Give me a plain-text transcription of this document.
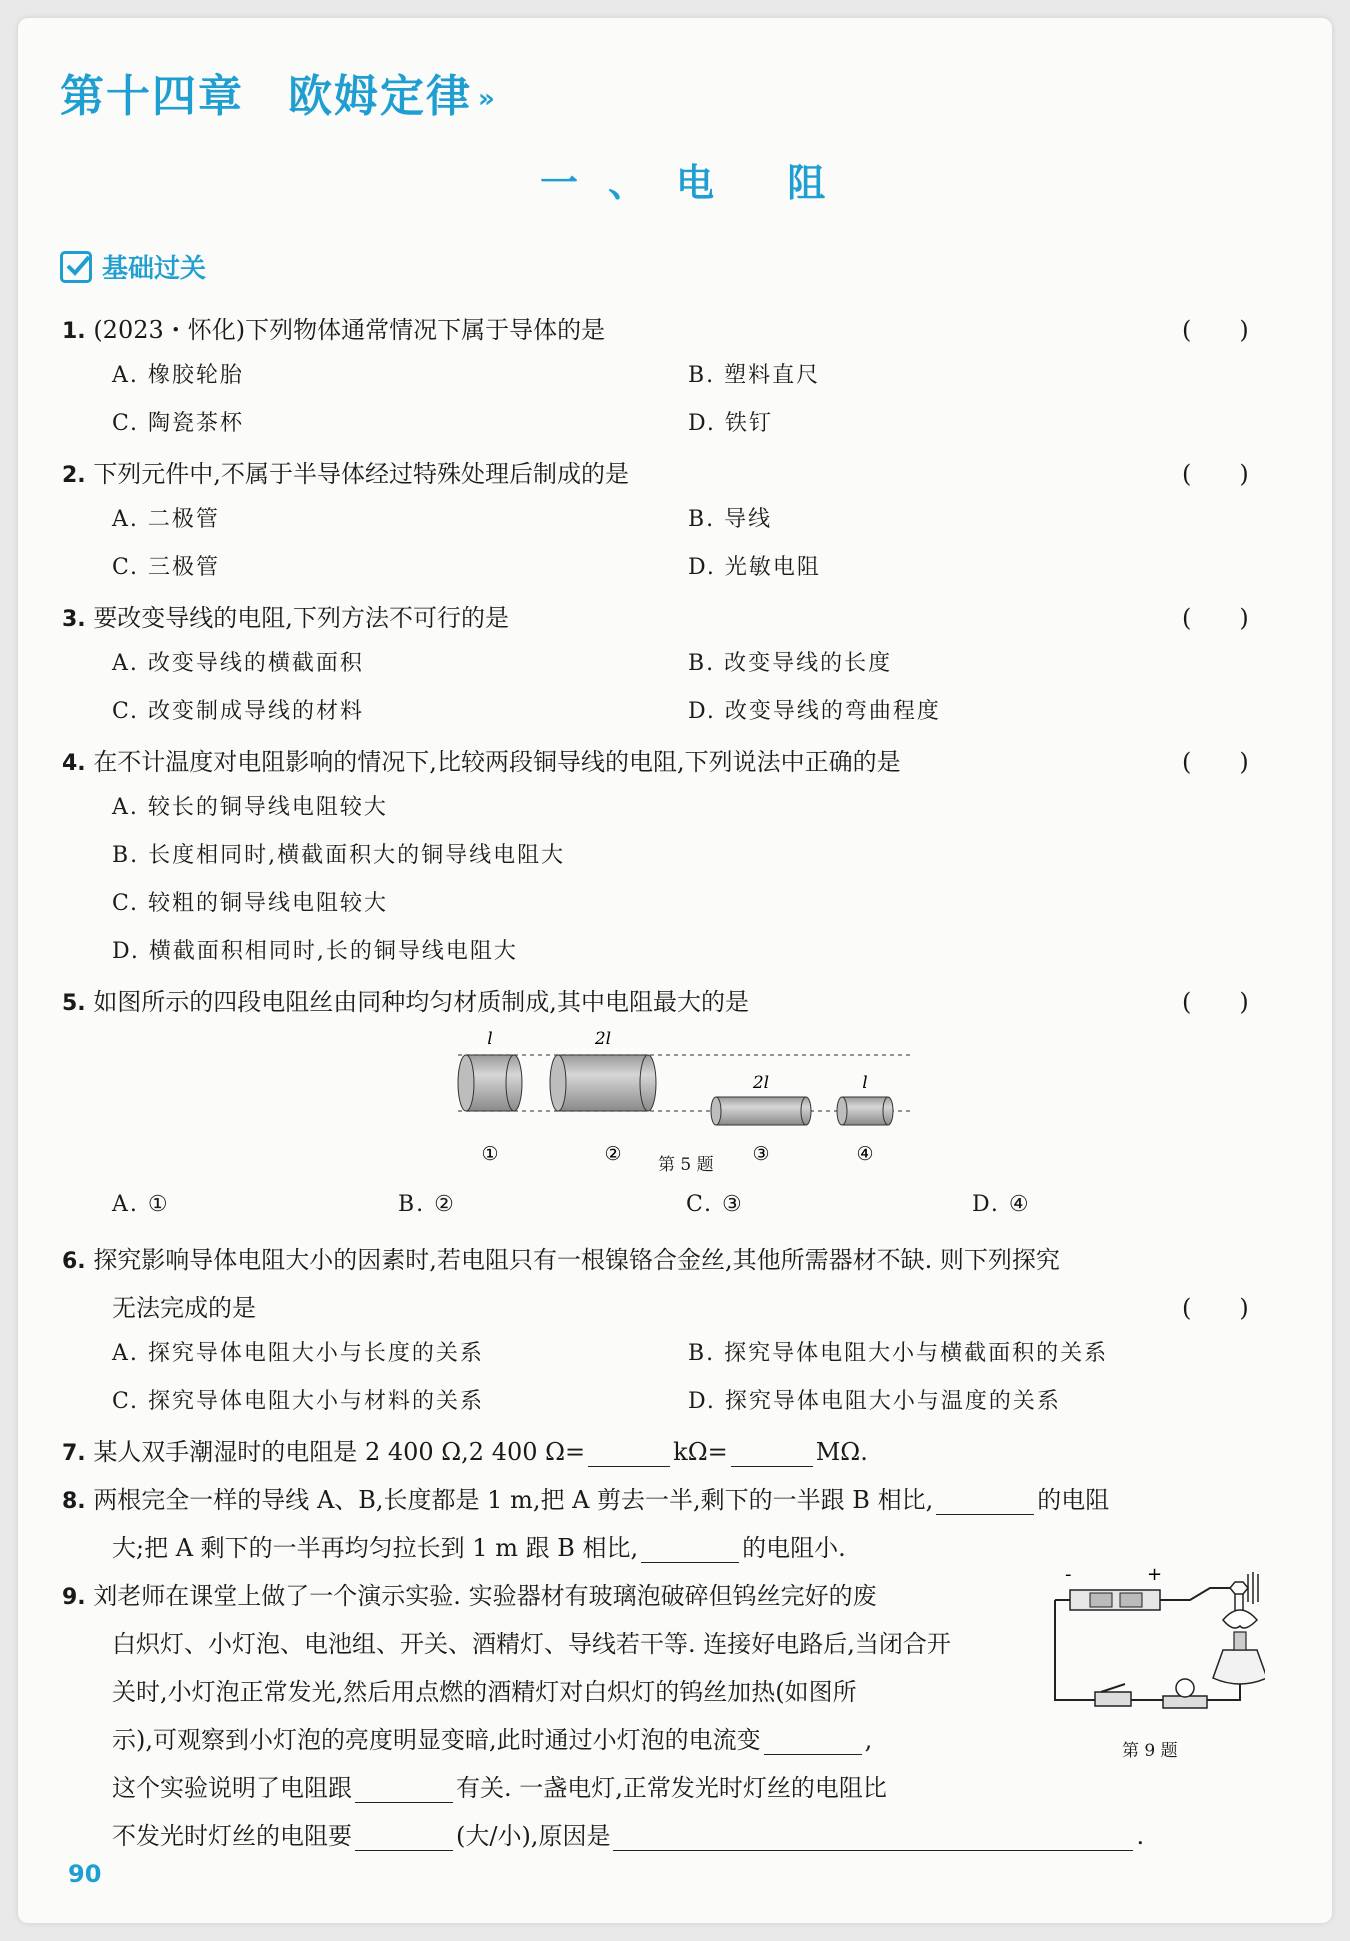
第十四章 欧姆定律 »
一、电 阻
基础过关
1. (2023・怀化)下列物体通常情况下属于导体的是	(　　)
A. 橡胶轮胎	B. 塑料直尺
C. 陶瓷茶杯	D. 铁钉
2. 下列元件中,不属于半导体经过特殊处理后制成的是	(　　)
A. 二极管	B. 导线
C. 三极管	D. 光敏电阻
3. 要改变导线的电阻,下列方法不可行的是	(　　)
A. 改变导线的横截面积	B. 改变导线的长度
C. 改变制成导线的材料	D. 改变导线的弯曲程度
4. 在不计温度对电阻影响的情况下,比较两段铜导线的电阻,下列说法中正确的是	(　　)
A. 较长的铜导线电阻较大
B. 长度相同时,横截面积大的铜导线电阻大
C. 较粗的铜导线电阻较大
D. 横截面积相同时,长的铜导线电阻大
5. 如图所示的四段电阻丝由同种均匀材质制成,其中电阻最大的是	(　　)
l	2l
2l	l
①	②	③	④
第 5 题
A. ①	B. ②	C. ③	D. ④
6. 探究影响导体电阻大小的因素时,若电阻只有一根镍铬合金丝,其他所需器材不缺. 则下列探究
无法完成的是	(　　)
A. 探究导体电阻大小与长度的关系	B. 探究导体电阻大小与横截面积的关系
C. 探究导体电阻大小与材料的关系	D. 探究导体电阻大小与温度的关系
7. 某人双手潮湿时的电阻是 2 400 Ω,2 400 Ω=	kΩ=	MΩ.
8. 两根完全一样的导线 A、B,长度都是 1 m,把 A 剪去一半,剩下的一半跟 B 相比,	的电阻
大;把 A 剩下的一半再均匀拉长到 1 m 跟 B 相比,	的电阻小.
9. 刘老师在课堂上做了一个演示实验. 实验器材有玻璃泡破碎但钨丝完好的废
白炽灯、小灯泡、电池组、开关、酒精灯、导线若干等. 连接好电路后,当闭合开
关时,小灯泡正常发光,然后用点燃的酒精灯对白炽灯的钨丝加热(如图所
示),可观察到小灯泡的亮度明显变暗,此时通过小灯泡的电流变	,
这个实验说明了电阻跟	有关. 一盏电灯,正常发光时灯丝的电阻比
不发光时灯丝的电阻要	(大/小),原因是	.
-	+
第 9 题
90
